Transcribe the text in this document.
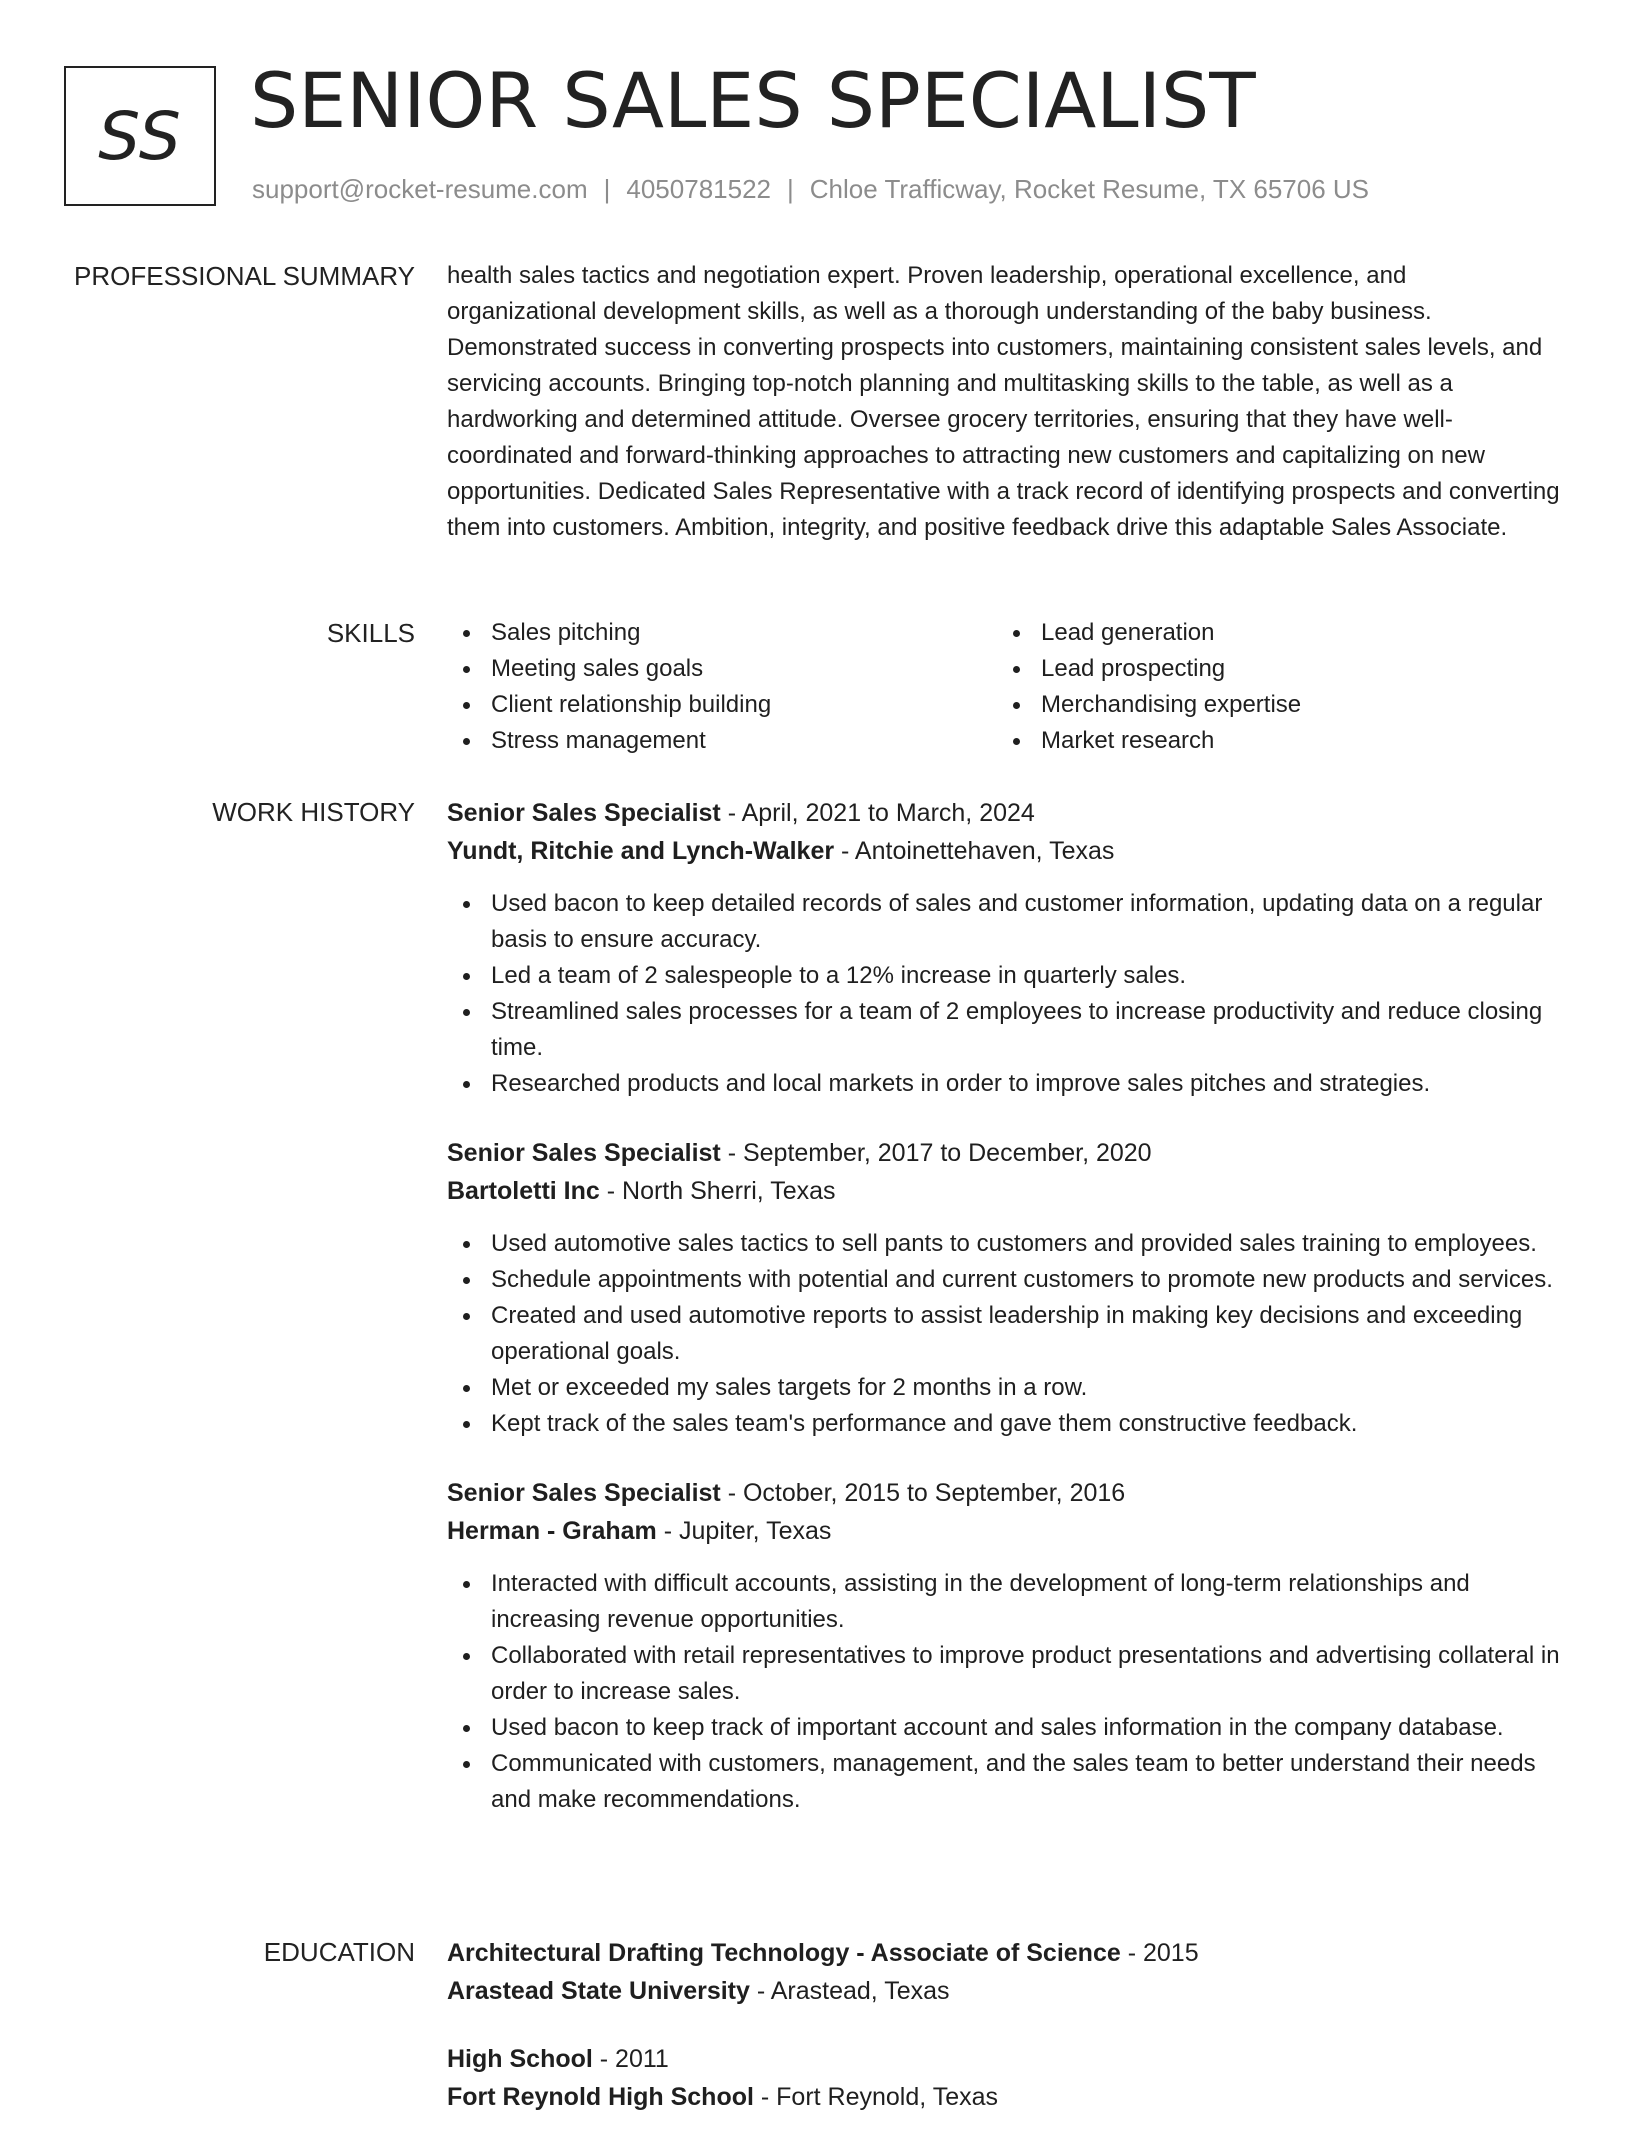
SS SENIOR SALES SPECIALIST
support@rocket-resume.com | 4050781522 | Chloe Trafficway, Rocket Resume, TX 65706 US
PROFESSIONAL SUMMARY health sales tactics and negotiation expert. Proven leadership, operational excellence, and organizational development skills, as well as a thorough understanding of the baby business. Demonstrated success in converting prospects into customers, maintaining consistent sales levels, and servicing accounts. Bringing top-notch planning and multitasking skills to the table, as well as a hardworking and determined attitude. Oversee grocery territories, ensuring that they have well-coordinated and forward-thinking approaches to attracting new customers and capitalizing on new opportunities. Dedicated Sales Representative with a track record of identifying prospects and converting them into customers. Ambition, integrity, and positive feedback drive this adaptable Sales Associate.

SKILLS	Sales pitching
Meeting sales goals
Client relationship building
Stress management
Lead generation
Lead prospecting
Merchandising expertise
Market research
WORK HISTORY Senior Sales Specialist - April, 2021 to March, 2024
Yundt, Ritchie and Lynch-Walker - Antoinettehaven, Texas
Used bacon to keep detailed records of sales and customer information, updating data on a regular basis to ensure accuracy.
Led a team of 2 salespeople to a 12% increase in quarterly sales.
Streamlined sales processes for a team of 2 employees to increase productivity and reduce closing time.
Researched products and local markets in order to improve sales pitches and strategies.
Senior Sales Specialist - September, 2017 to December, 2020
Bartoletti Inc - North Sherri, Texas
Used automotive sales tactics to sell pants to customers and provided sales training to employees.
Schedule appointments with potential and current customers to promote new products and services.
Created and used automotive reports to assist leadership in making key decisions and exceeding operational goals.
Met or exceeded my sales targets for 2 months in a row.
Kept track of the sales team's performance and gave them constructive feedback.
Senior Sales Specialist - October, 2015 to September, 2016
Herman - Graham - Jupiter, Texas
Interacted with difficult accounts, assisting in the development of long-term relationships and increasing revenue opportunities.
Collaborated with retail representatives to improve product presentations and advertising collateral in order to increase sales.
Used bacon to keep track of important account and sales information in the company database.
Communicated with customers, management, and the sales team to better understand their needs and make recommendations.
EDUCATION Architectural Drafting Technology - Associate of Science - 2015
Arastead State University - Arastead, Texas
High School - 2011
Fort Reynold High School - Fort Reynold, Texas
